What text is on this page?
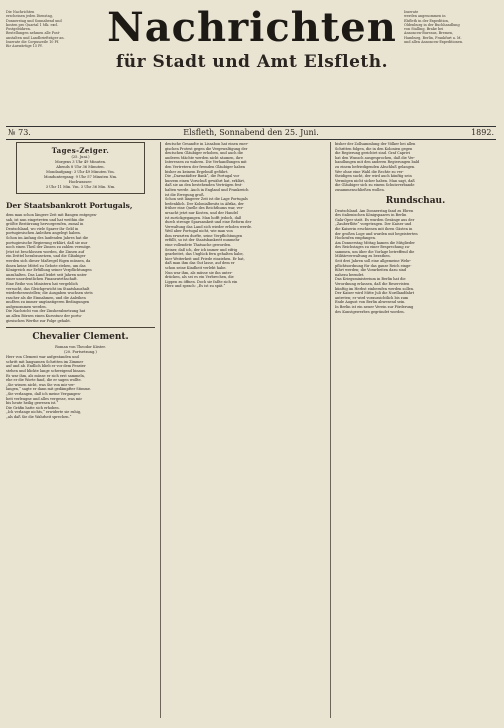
Die Nachrichten
erscheinen jeden Dienstag,
Donnerstag und Sonnabend und
kosten pro Quartal 1 Mk. excl.
Postgebühren.
Bestellungen nehmen alle Post-
anstalten und Landbriefträger an.
Inserate die Corpuszeile 10 Pf.
für Auswärtige 15 Pf.	Nachrichten
für Stadt und Amt Elsfleth.
Inserate
werden angenommen in
Elsfleth in der Expedition,
Oldenburg in der Buchhandlung
von Stalling, Brake bei
Annoncen-Bureaus, Bremen,
Hamburg, Berlin, Frankfurt a. M.
und allen Annoncen-Expeditionen.
Elsfleth, Sonnabend den 25. Juni.
№ 73.	1892.
Tages-Zeiger.
(25. Juni.)
Morgens 3 Uhr 49 Minuten.
Abends 8 Uhr 36 Minuten.
Mondaufgang: 3 Uhr 49 Minuten Vm.
Monduntergang: 9 Uhr 57 Minuten Nm.
Hochwasser:
3 Uhr 11 Min. Vm. 3 Uhr 36 Min. Nm.
Der Staatsbankrott Portugals,
dem man schon längere Zeit mit Bangen entgegen-
sah, ist nun eingetreten und hat weithin die
größte Bestürzung hervorgerufen, zumal in
Deutschland, wo viele Sparer ihr Geld in
portugiesischen Anleihen angelegt haben.
Schon im Anfang des laufenden Jahres hat die
portugiesische Regierung erklärt, daß sie nur
noch einen Theil der Zinsen zu zahlen vermöge.
Jetzt ist beschlossen worden, die Zinsen auf
ein Drittel herabzusetzen, und die Gläubiger
werden sich dieser Maßregel fügen müssen, da
ihnen keine Mittel zu Gebote stehen, um das
Königreich zur Erfüllung seiner Verpflichtungen
anzuhalten. Das Land leidet seit Jahren unter
einer unordentlichen Finanzwirthschaft.
Eine Reihe von Ministern hat vergeblich
versucht, das Gleichgewicht im Staatshaushalt
wiederherzustellen; die Ausgaben wuchsen stets
rascher als die Einnahmen, und die Anleihen
mußten zu immer ungünstigeren Bedingungen
aufgenommen werden.
Die Nachricht von der Zinsherabsetzung hat
an allen Börsen einen Kurssturz der portu-
giesischen Werthe zur Folge gehabt.
Chevalier Clement.
Roman von Theodor Küster.
(20. Fortsetzung.)
Herr von Clement war aufgestanden und
schritt mit langsamen Schritten im Zimmer
auf und ab. Endlich blieb er vor dem Fenster
stehen und blickte lange schweigend hinaus.
Es war ihm, als müsse er sich erst sammeln,
ehe er die Worte fand, die er sagen wollte.
„Sie wissen nicht, was Sie von mir ver-
langen,“ sagte er dann mit gedämpfter Stimme.
„Sie verlangen, daß ich meine Vergangen-
heit verleugne und alles vergesse, was mir
bis heute heilig gewesen ist.“
Die Gräfin hatte sich erhoben.
„Ich verlange nichts,“ erwiderte sie ruhig,
„als daß Sie die Wahrheit sprechen.“
deutsche Gesandte in Lissabon hat einen ener-
gischen Protest gegen die Vergewaltigung der
deutschen Gläubiger erhoben, und auch die
anderen Mächte werden nicht säumen, ihre
Interessen zu wahren. Die Verhandlungen mit
den Vertretern der fremden Gläubiger haben
bisher zu keinem Ergebniß geführt.
Die „Darmstädter Bank“, die Portugal vor
kurzem einen Vorschuß gewährt hat, erklärt,
daß sie an den bestehenden Verträgen fest-
halten werde. Auch in England und Frankreich
ist die Erregung groß.
Schon seit längerer Zeit ist die Lage Portugals
bedenklich. Der Kolonialbesitz in Afrika, der
früher eine Quelle des Reichthums war, ver-
ursacht jetzt nur Kosten, und der Handel
ist zurückgegangen. Man hofft jedoch, daß
durch strenge Sparsamkeit und eine Reform der
Verwaltung das Land sich wieder erholen werde.
Weil aber Portugal nicht, wie man von
ihm erwarten durfte, seine Verpflichtungen
erfüllt, so ist der Staatsbankrott nunmehr
eine vollendete Thatsache geworden.
Seiner, daß ich, der ich immer und eifrig
gearbeitet, das Unglück fern gehalten habe,
hier Weiterkeit und Friede einziehen. Er bat,
daß man ihm das Gut lasse, auf dem er
schon seine Kindheit verlebt habe.
Nun war ihm, als müsse sie ihn unter-
drücken, als sei es ein Verbrechen, die
Lippen zu öffnen. Doch sie faßte sich ein
Herz und sprach: „Es ist zu spät.“
bisher der Zollsammlung der Völker bei allen
Schritten folgen, die in den Kolonien gegen
die Regierung gerichtet sind. Graf Caprivi
hat den Wunsch ausgesprochen, daß die Ver-
handlungen mit den anderen Regierungen bald
zu einem befriedigenden Abschluß gelangen.
Wer ohne eine Wahl die Rechte zu ver-
theidigen sucht, der wird auch künftig sein
Vermögen nicht sicher haben. Man sagt, daß
die Gläubiger sich zu einem Schutzverbande
zusammenschließen wollen.
Rundschau.
Deutschland. Am Donnerstag fand zu Ehren
des italienischen Königspaares in Berlin
Gala-Oper statt. Es wurden Gesänge aus der
„Zauberflöte“ vorgetragen. Der Kaiser und
die Kaiserin erschienen mit ihren Gästen in
der großen Loge und wurden mit begeisterten
Hochrufen empfangen.
Am Donnerstag Mittag kamen die Mitglieder
des Reichstages zu einer Besprechung zu-
sammen, um über die Vorlage betreffend die
Militärverwaltung zu berathen.
Seit drei Jahren soll eine allgemeine Wehr-
pflichtsordnung für das ganze Reich einge-
führt werden; die Vorarbeiten dazu sind
nahezu beendet.
Das Kriegsministerium in Berlin hat die
Verordnung erlassen, daß die Reservisten
künftig im Herbst einberufen werden sollen.
Der Kaiser wird Mitte Juli die Nordlandfahrt
antreten; er wird voraussichtlich bis zum
Ende August von Berlin abwesend sein.
In Berlin ist ein neuer Verein zur Förderung
des Kunstgewerbes gegründet worden.
